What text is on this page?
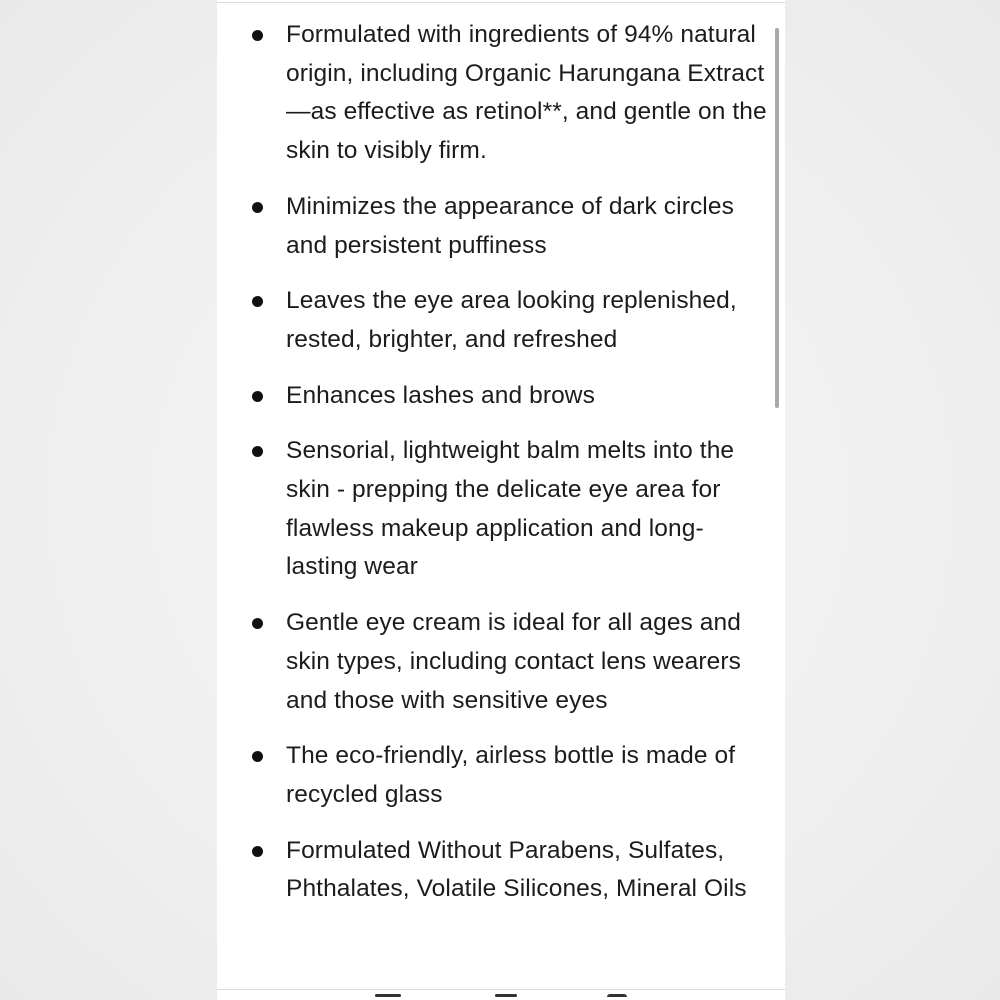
Formulated with ingredients of 94% natural origin, including Organic Harungana Extract—as effective as retinol**, and gentle on the skin to visibly firm.
Minimizes the appearance of dark circles and persistent puffiness
Leaves the eye area looking replenished, rested, brighter, and refreshed
Enhances lashes and brows
Sensorial, lightweight balm melts into the skin - prepping the delicate eye area for flawless makeup application and long-lasting wear
Gentle eye cream is ideal for all ages and skin types, including contact lens wearers and those with sensitive eyes
The eco-friendly, airless bottle is made of recycled glass
Formulated Without Parabens, Sulfates, Phthalates, Volatile Silicones, Mineral Oils
